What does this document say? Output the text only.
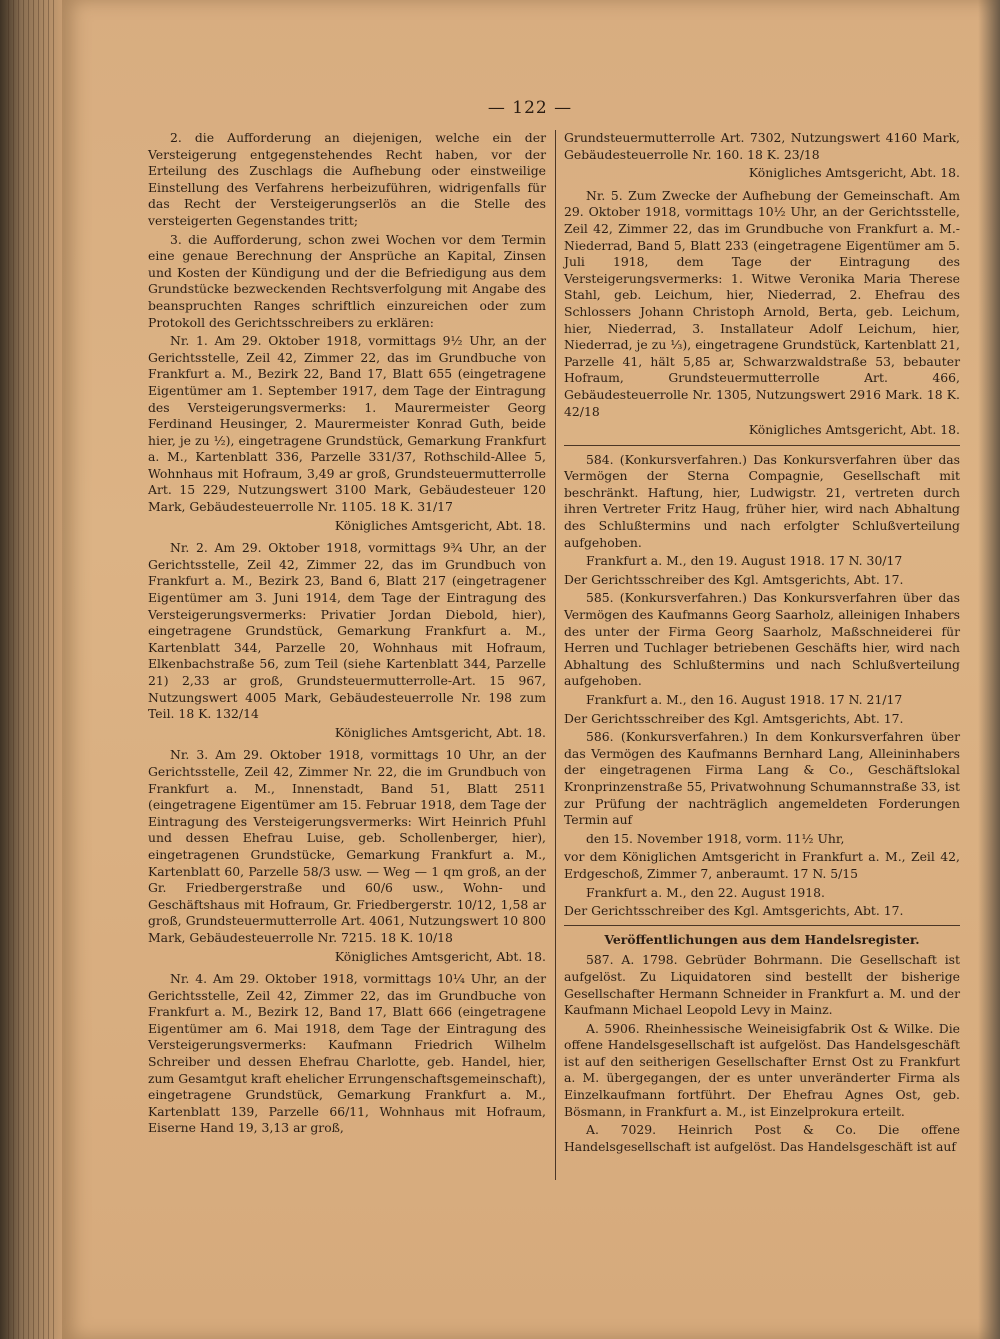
— 122 —

2. die Aufforderung an diejenigen, welche ein der Versteigerung entgegenstehendes Recht haben, vor der Erteilung des Zuschlags die Aufhebung oder einstweilige Einstellung des Verfahrens herbeizuführen, widrigenfalls für das Recht der Versteigerungserlös an die Stelle des versteigerten Gegenstandes tritt;

3. die Aufforderung, schon zwei Wochen vor dem Termin eine genaue Berechnung der Ansprüche an Kapital, Zinsen und Kosten der Kündigung und der die Befriedigung aus dem Grundstücke bezweckenden Rechtsverfolgung mit Angabe des beanspruchten Ranges schriftlich einzureichen oder zum Protokoll des Gerichtsschreibers zu erklären:

Nr. 1. Am 29. Oktober 1918, vormittags 9½ Uhr, an der Gerichtsstelle, Zeil 42, Zimmer 22, das im Grundbuche von Frankfurt a. M., Bezirk 22, Band 17, Blatt 655 (eingetragene Eigentümer am 1. September 1917, dem Tage der Eintragung des Versteigerungsvermerks: 1. Maurermeister Georg Ferdinand Heusinger, 2. Maurermeister Konrad Guth, beide hier, je zu ½), eingetragene Grundstück, Gemarkung Frankfurt a. M., Kartenblatt 336, Parzelle 331/37, Rothschild-Allee 5, Wohnhaus mit Hofraum, 3,49 ar groß, Grundsteuermutterrolle Art. 15 229, Nutzungswert 3100 Mark, Gebäudesteuer 120 Mark, Gebäudesteuerrolle Nr. 1105. 18 K. 31/17

Königliches Amtsgericht, Abt. 18.

Nr. 2. Am 29. Oktober 1918, vormittags 9¾ Uhr, an der Gerichtsstelle, Zeil 42, Zimmer 22, das im Grundbuch von Frankfurt a. M., Bezirk 23, Band 6, Blatt 217 (eingetragener Eigentümer am 3. Juni 1914, dem Tage der Eintragung des Versteigerungsvermerks: Privatier Jordan Diebold, hier), eingetragene Grundstück, Gemarkung Frankfurt a. M., Kartenblatt 344, Parzelle 20, Wohnhaus mit Hofraum, Elkenbachstraße 56, zum Teil (siehe Kartenblatt 344, Parzelle 21) 2,33 ar groß, Grundsteuermutterrolle-Art. 15 967, Nutzungswert 4005 Mark, Gebäudesteuerrolle Nr. 198 zum Teil. 18 K. 132/14

Königliches Amtsgericht, Abt. 18.

Nr. 3. Am 29. Oktober 1918, vormittags 10 Uhr, an der Gerichtsstelle, Zeil 42, Zimmer Nr. 22, die im Grundbuch von Frankfurt a. M., Innenstadt, Band 51, Blatt 2511 (eingetragene Eigentümer am 15. Februar 1918, dem Tage der Eintragung des Versteigerungsvermerks: Wirt Heinrich Pfuhl und dessen Ehefrau Luise, geb. Schollenberger, hier), eingetragenen Grundstücke, Gemarkung Frankfurt a. M., Kartenblatt 60, Parzelle 58/3 usw. — Weg — 1 qm groß, an der Gr. Friedbergerstraße und 60/6 usw., Wohn- und Geschäftshaus mit Hofraum, Gr. Friedbergerstr. 10/12, 1,58 ar groß, Grundsteuermutterrolle Art. 4061, Nutzungswert 10 800 Mark, Gebäudesteuerrolle Nr. 7215. 18 K. 10/18

Königliches Amtsgericht, Abt. 18.

Nr. 4. Am 29. Oktober 1918, vormittags 10¼ Uhr, an der Gerichtsstelle, Zeil 42, Zimmer 22, das im Grundbuche von Frankfurt a. M., Bezirk 12, Band 17, Blatt 666 (eingetragene Eigentümer am 6. Mai 1918, dem Tage der Eintragung des Versteigerungsvermerks: Kaufmann Friedrich Wilhelm Schreiber und dessen Ehefrau Charlotte, geb. Handel, hier, zum Gesamtgut kraft ehelicher Errungenschaftsgemeinschaft), eingetragene Grundstück, Gemarkung Frankfurt a. M., Kartenblatt 139, Parzelle 66/11, Wohnhaus mit Hofraum, Eiserne Hand 19, 3,13 ar groß,

Grundsteuermutterrolle Art. 7302, Nutzungswert 4160 Mark, Gebäudesteuerrolle Nr. 160. 18 K. 23/18

Königliches Amtsgericht, Abt. 18.

Nr. 5. Zum Zwecke der Aufhebung der Gemeinschaft. Am 29. Oktober 1918, vormittags 10½ Uhr, an der Gerichtsstelle, Zeil 42, Zimmer 22, das im Grundbuche von Frankfurt a. M.-Niederrad, Band 5, Blatt 233 (eingetragene Eigentümer am 5. Juli 1918, dem Tage der Eintragung des Versteigerungsvermerks: 1. Witwe Veronika Maria Therese Stahl, geb. Leichum, hier, Niederrad, 2. Ehefrau des Schlossers Johann Christoph Arnold, Berta, geb. Leichum, hier, Niederrad, 3. Installateur Adolf Leichum, hier, Niederrad, je zu ⅓), eingetragene Grundstück, Kartenblatt 21, Parzelle 41, hält 5,85 ar, Schwarzwaldstraße 53, bebauter Hofraum, Grundsteuermutterrolle Art. 466, Gebäudesteuerrolle Nr. 1305, Nutzungswert 2916 Mark. 18 K. 42/18

Königliches Amtsgericht, Abt. 18.

584. (Konkursverfahren.) Das Konkursverfahren über das Vermögen der Sterna Compagnie, Gesellschaft mit beschränkt. Haftung, hier, Ludwigstr. 21, vertreten durch ihren Vertreter Fritz Haug, früher hier, wird nach Abhaltung des Schlußtermins und nach erfolgter Schlußverteilung aufgehoben.

Frankfurt a. M., den 19. August 1918. 17 N. 30/17

Der Gerichtsschreiber des Kgl. Amtsgerichts, Abt. 17.

585. (Konkursverfahren.) Das Konkursverfahren über das Vermögen des Kaufmanns Georg Saarholz, alleinigen Inhabers des unter der Firma Georg Saarholz, Maßschneiderei für Herren und Tuchlager betriebenen Geschäfts hier, wird nach Abhaltung des Schlußtermins und nach Schlußverteilung aufgehoben.

Frankfurt a. M., den 16. August 1918. 17 N. 21/17

Der Gerichtsschreiber des Kgl. Amtsgerichts, Abt. 17.

586. (Konkursverfahren.) In dem Konkursverfahren über das Vermögen des Kaufmanns Bernhard Lang, Alleininhabers der eingetragenen Firma Lang & Co., Geschäftslokal Kronprinzenstraße 55, Privatwohnung Schumannstraße 33, ist zur Prüfung der nachträglich angemeldeten Forderungen Termin auf

den 15. November 1918, vorm. 11½ Uhr,

vor dem Königlichen Amtsgericht in Frankfurt a. M., Zeil 42, Erdgeschoß, Zimmer 7, anberaumt. 17 N. 5/15

Frankfurt a. M., den 22. August 1918.

Der Gerichtsschreiber des Kgl. Amtsgerichts, Abt. 17.

Veröffentlichungen aus dem Handelsregister.

587. A. 1798. Gebrüder Bohrmann. Die Gesellschaft ist aufgelöst. Zu Liquidatoren sind bestellt der bisherige Gesellschafter Hermann Schneider in Frankfurt a. M. und der Kaufmann Michael Leopold Levy in Mainz.

A. 5906. Rheinhessische Weineisigfabrik Ost & Wilke. Die offene Handelsgesellschaft ist aufgelöst. Das Handelsgeschäft ist auf den seitherigen Gesellschafter Ernst Ost zu Frankfurt a. M. übergegangen, der es unter unveränderter Firma als Einzelkaufmann fortführt. Der Ehefrau Agnes Ost, geb. Bösmann, in Frankfurt a. M., ist Einzelprokura erteilt.

A. 7029. Heinrich Post & Co. Die offene Handelsgesellschaft ist aufgelöst. Das Handelsgeschäft ist auf
